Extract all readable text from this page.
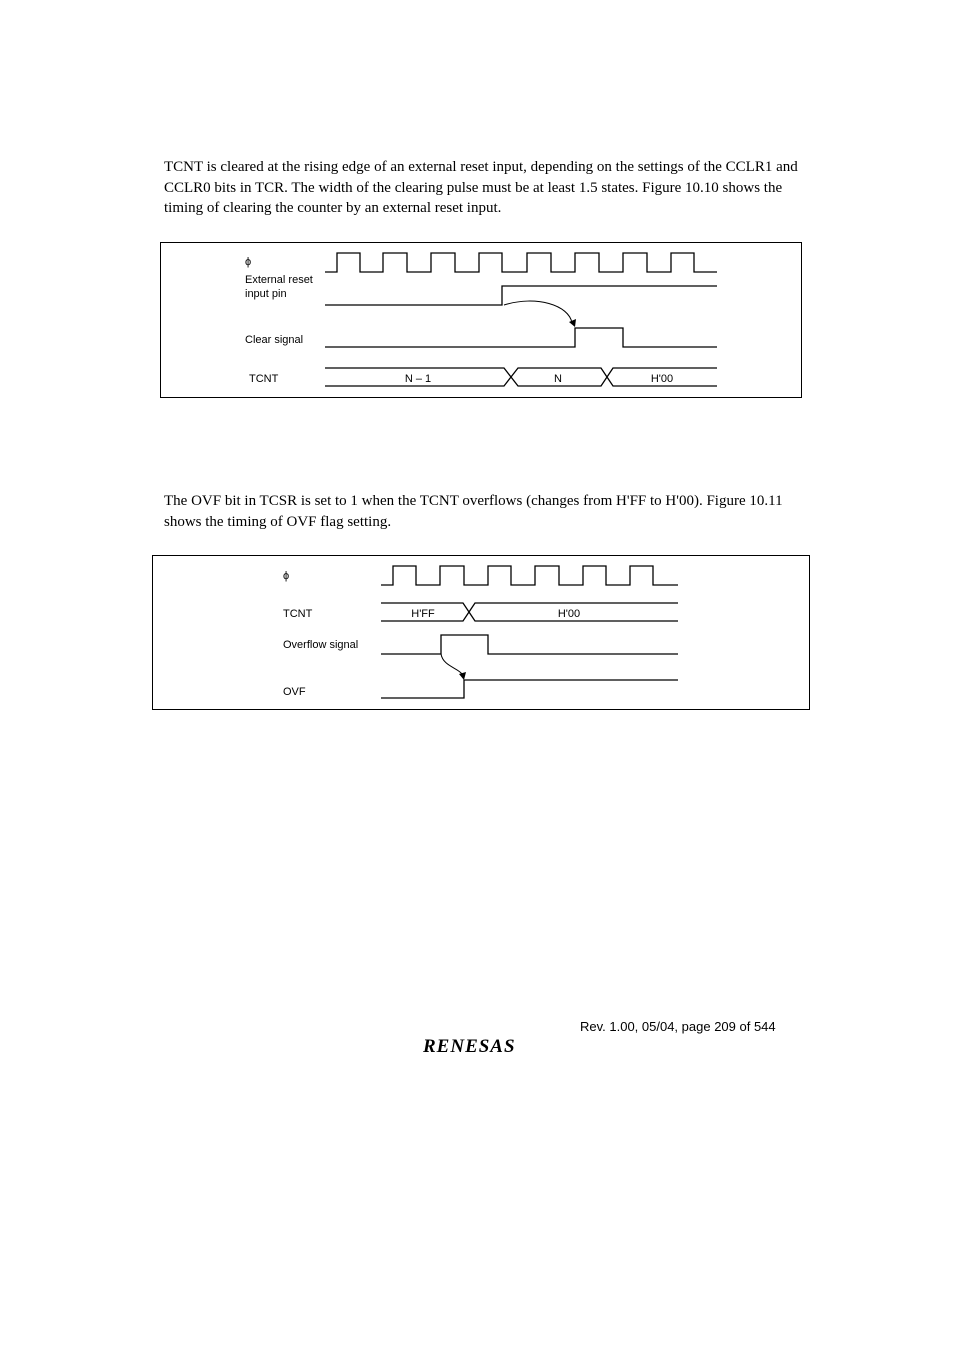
TCNT is cleared at the rising edge of an external reset input, depending on the settings of the CCLR1 and CCLR0 bits in TCR. The width of the clearing pulse must be at least 1.5 states. Figure 10.10 shows the timing of clearing the counter by an external reset input.

ϕ
External reset
input pin
Clear signal
TCNT	N – 1	N	H'00

The OVF bit in TCSR is set to 1 when the TCNT overflows (changes from H'FF to H'00). Figure 10.11 shows the timing of OVF flag setting.

ϕ
TCNT
Overflow signal
OVF
H'FF	H'00
Rev. 1.00, 05/04, page 209 of 544
RENESAS
